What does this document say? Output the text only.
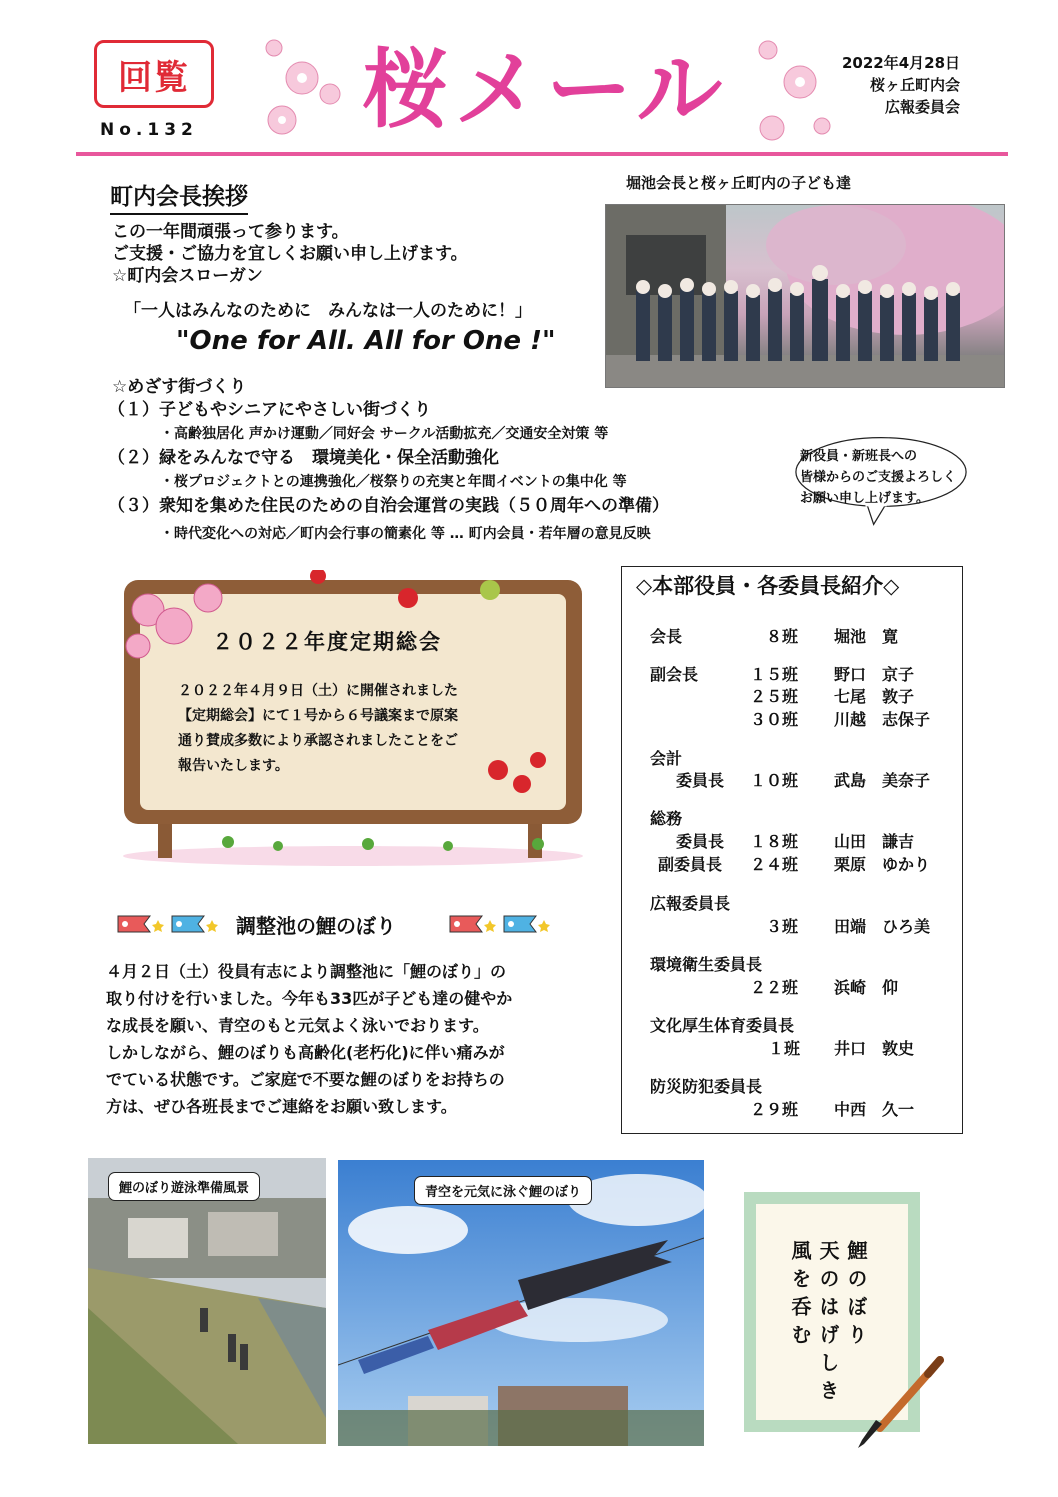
回覧
No.132 桜メール	2022年4月28日
桜ヶ丘町内会
広報委員会
町内会長挨拶
この一年間頑張って参ります。
ご支援・ご協力を宜しくお願い申し上げます。
☆町内会スローガン
「一人はみんなのために　みんなは一人のために！」
"One for All. All for One !"
☆めざす街づくり
（１）子どもやシニアにやさしい街づくり
・高齢独居化 声かけ運動／同好会 サークル活動拡充／交通安全対策 等
（２）緑をみんなで守る　環境美化・保全活動強化
・桜プロジェクトとの連携強化／桜祭りの充実と年間イベントの集中化 等
（３）衆知を集めた住民のための自治会運営の実践（５０周年への準備）
・時代変化への対応／町内会行事の簡素化 等 … 町内会員・若年層の意見反映
堀池会長と桜ヶ丘町内の子ども達
新役員・新班長への
皆様からのご支援よろしく
お願い申し上げます。
２０２２年度定期総会
２０２２年４月９日（土）に開催されました
【定期総会】にて１号から６号議案まで原案
通り賛成多数により承認されましたことをご
報告いたします。
◇本部役員・各委員長紹介◇
会長	８班 堀池　寛
副会長	１５班 野口　京子
２５班 七尾　敦子
３０班 川越　志保子
会計
委員長 １０班 武島　美奈子
総務
委員長 １８班 山田　謙吉
副委員長 ２４班 栗原　ゆかり
広報委員長
３班 田端　ひろ美
環境衛生委員長
２２班 浜崎　仰
文化厚生体育委員長
１班 井口　敦史
防災防犯委員長
２９班 中西　久一
調整池の鯉のぼり
４月２日（土）役員有志により調整池に「鯉のぼり」の
取り付けを行いました。今年も33匹が子ども達の健やか
な成長を願い、青空のもと元気よく泳いでおります。
しかしながら、鯉のぼりも高齢化(老朽化)に伴い痛みが
でている状態です。ご家庭で不要な鯉のぼりをお持ちの
方は、ぜひ各班長までご連絡をお願い致します。
鯉のぼり遊泳準備風景	青空を元気に泳ぐ鯉のぼり
鯉のぼり
天のはげしき
風を呑む
